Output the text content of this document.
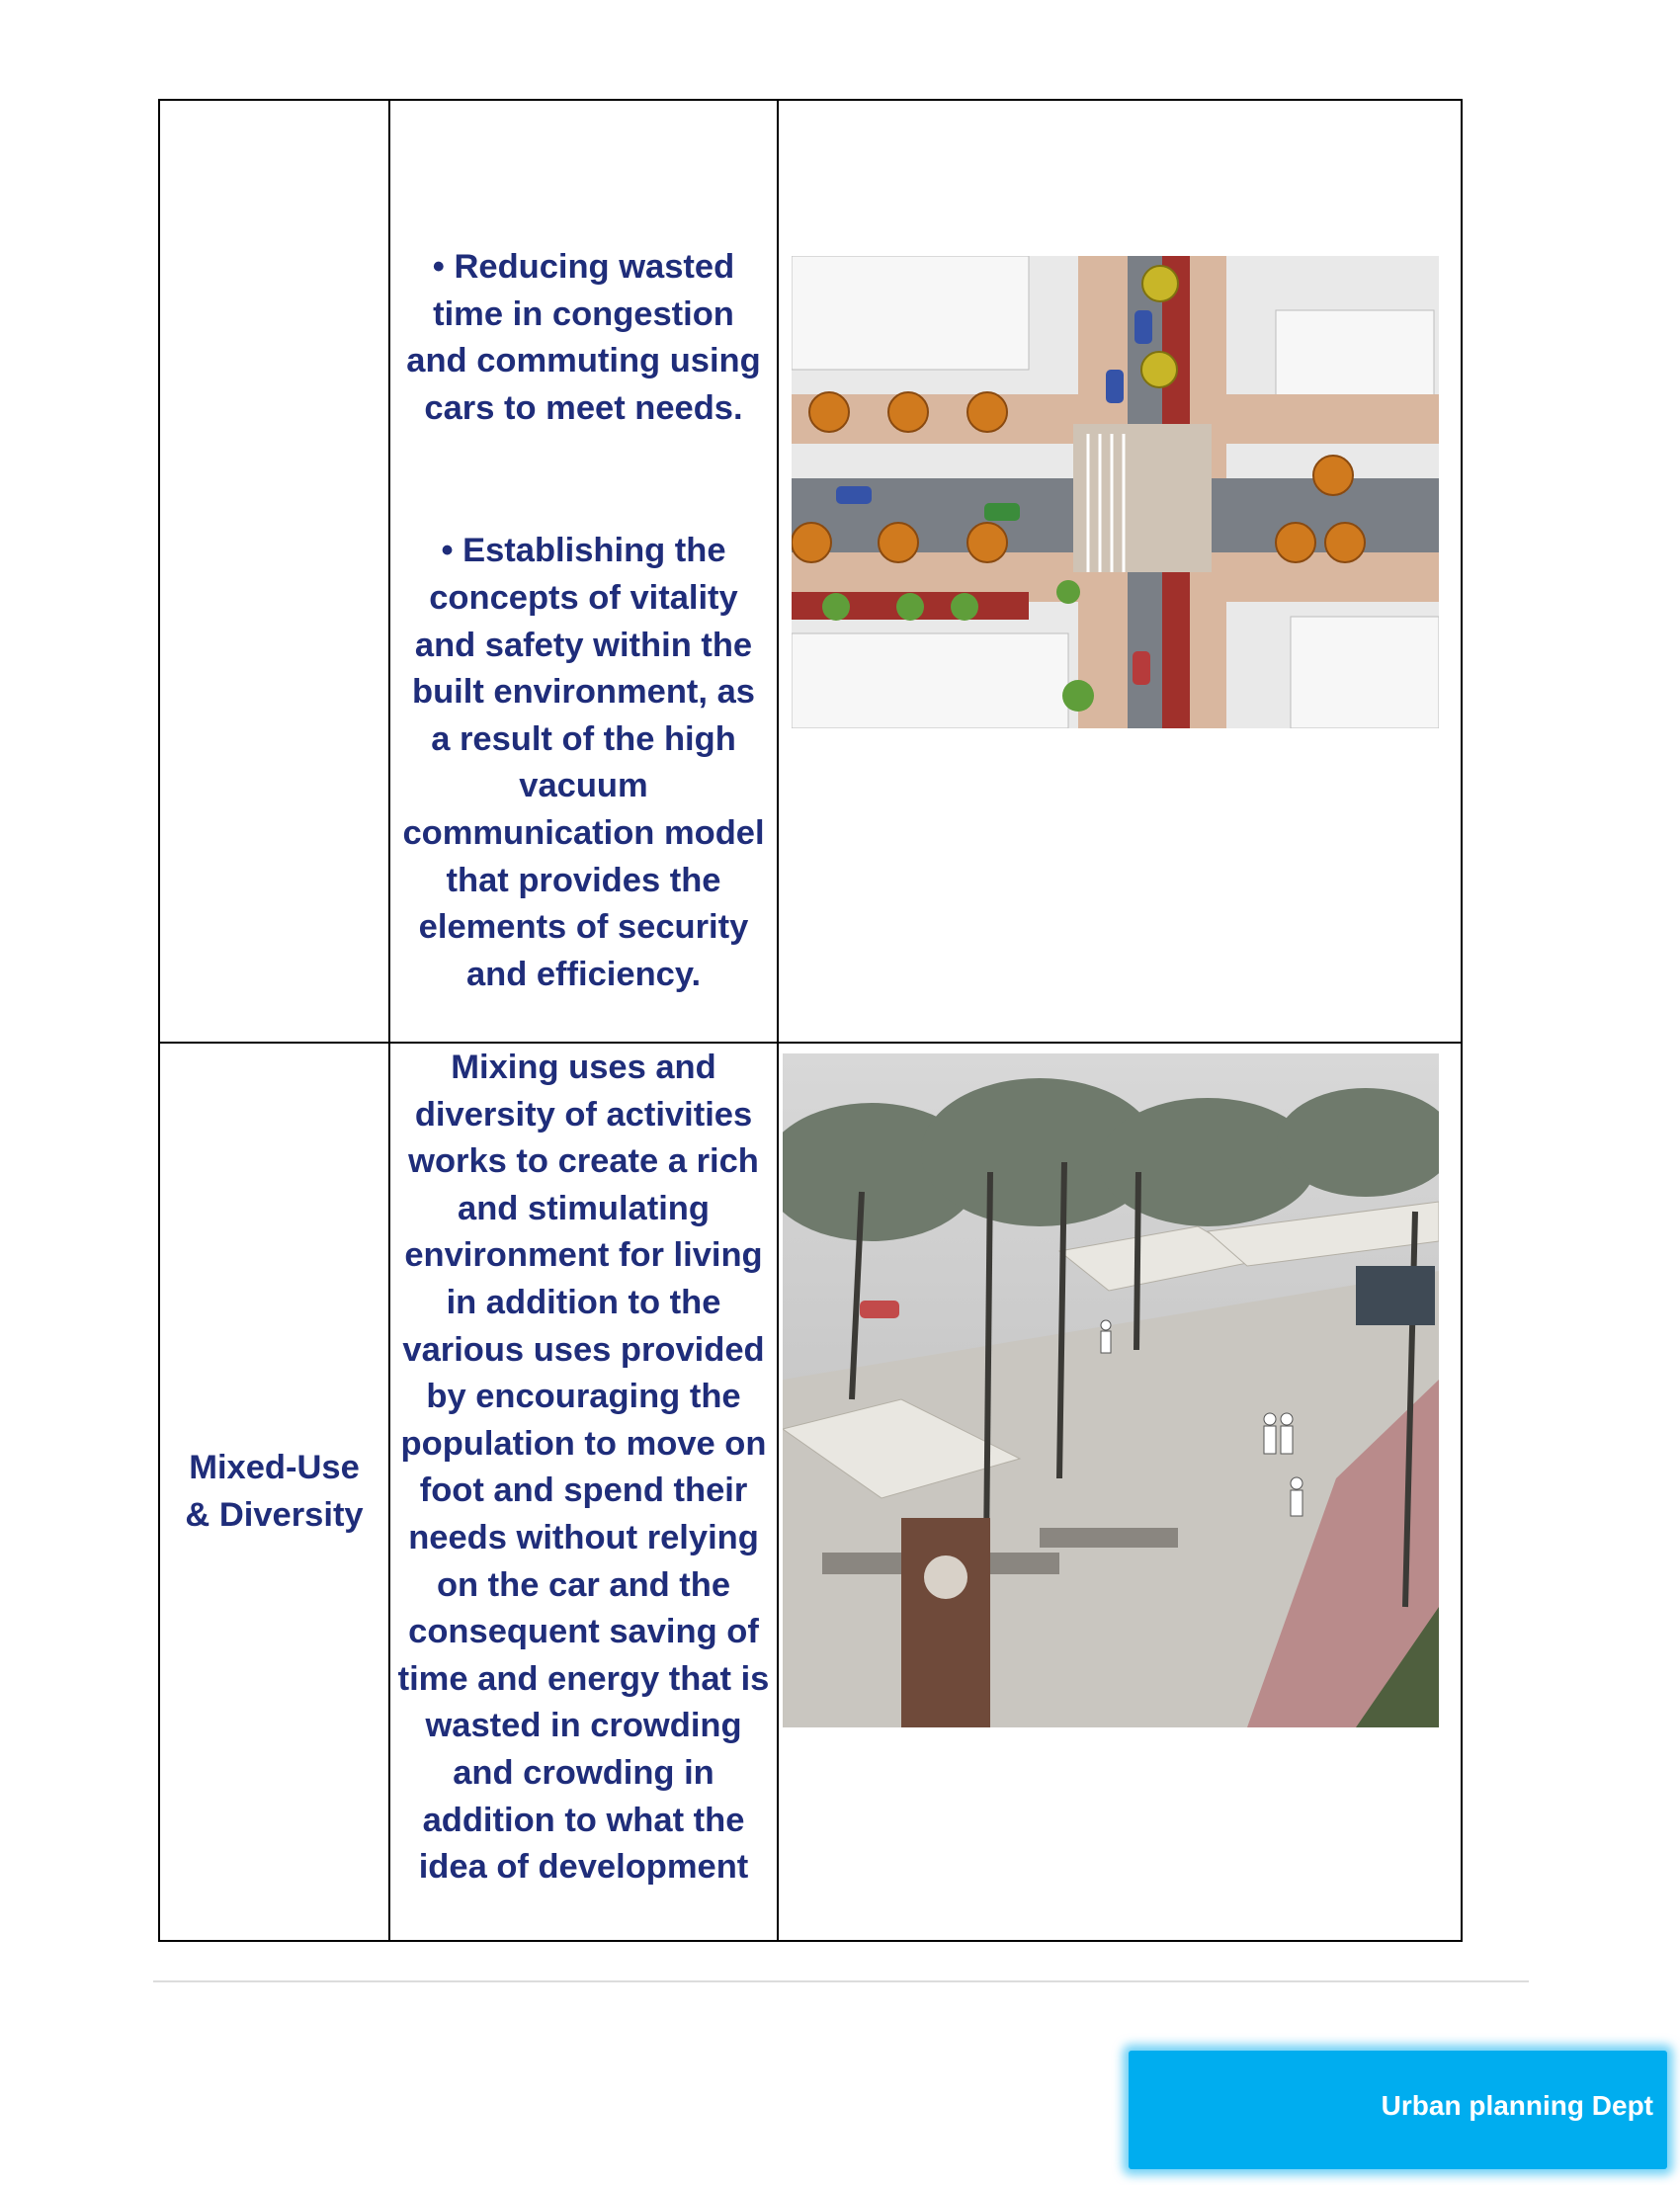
	• Reducing wasted time in congestion and commuting using cars to meet needs.
• Establishing the concepts of vitality and safety within the built environment, as a result of the high vacuum communication model that provides the elements of security and efficiency.

Mixed-Use & Diversity	Mixing uses and diversity of activities works to create a rich and stimulating environment for living in addition to the various uses provided by encouraging the population to move on foot and spend their needs without relying on the car and the consequent saving of time and energy that is wasted in crowding and crowding in addition to what the idea of development

Urban planning Dept
